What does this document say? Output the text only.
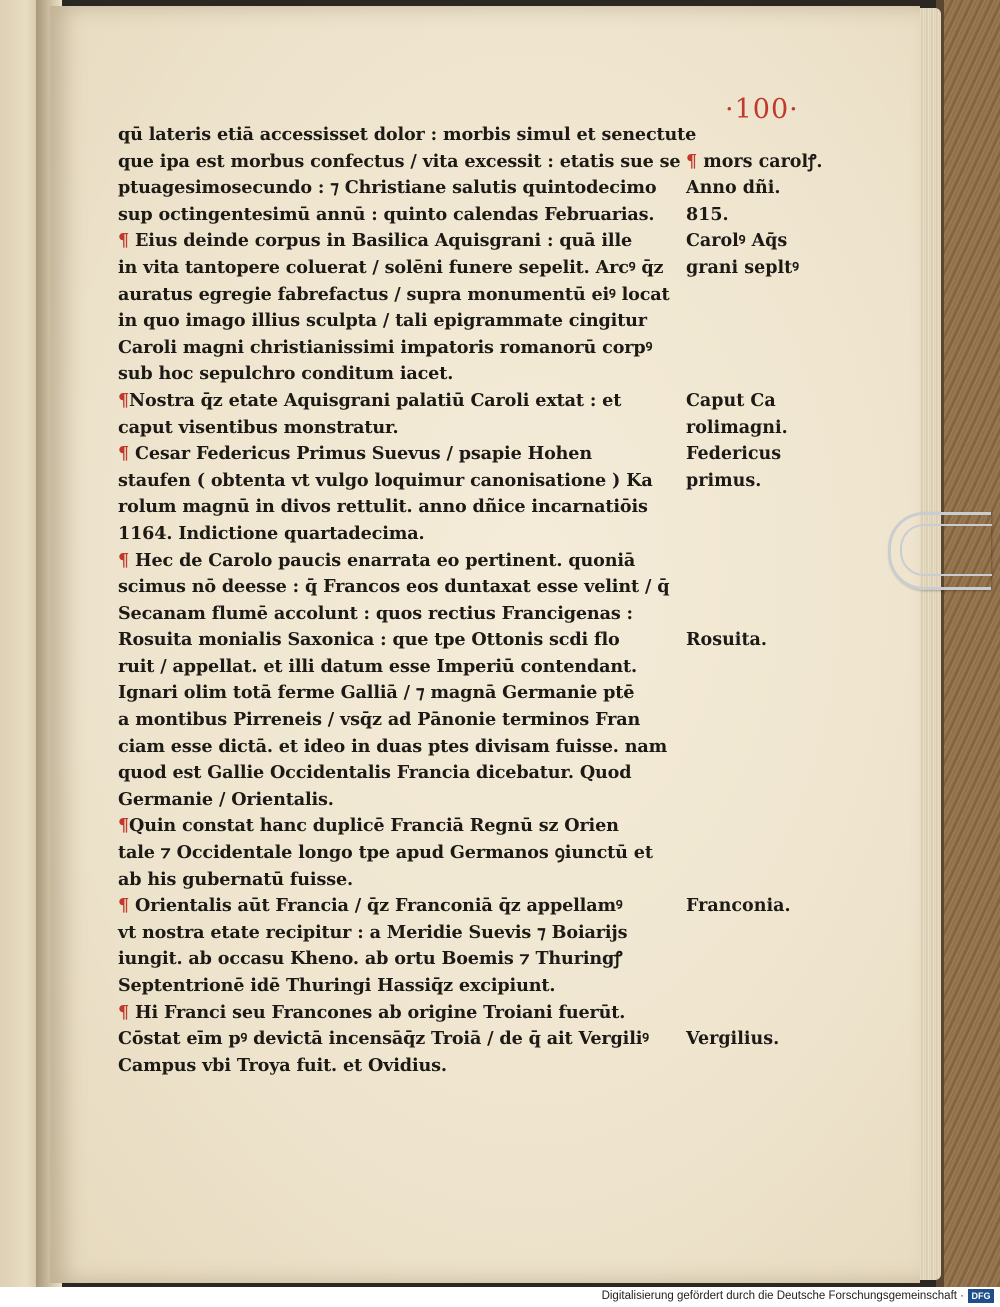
·100·
qū lateris etiā accessisset dolor : morbis simul et senectute
que ipa est morbus confectus / vita excessit : etatis sue se
ptuagesimosecundo : ⁊ Christiane salutis quintodecimo
sup octingentesimū annū : quinto calendas Februarias.
¶ Eius deinde corpus in Basilica Aquisgrani : quā ille
in vita tantopere coluerat / solēni funere sepelit. Arcꝰ q̄z
auratus egregie fabrefactus / supra monumentū eiꝰ locat
in quo imago illius sculpta / tali epigrammate cingitur
Caroli magni christianissimi impatoris romanorū corpꝰ
sub hoc sepulchro conditum iacet.
¶Nostra q̄z etate Aquisgrani palatiū Caroli extat : et
caput visentibus monstratur.
¶ Cesar Federicus Primus Suevus / psapie Hohen
staufen ( obtenta vt vulgo loquimur canonisatione ) Ka
rolum magnū in divos rettulit. anno dñice incarnatiōis
1164. Indictione quartadecima.
¶ Hec de Carolo paucis enarrata eo pertinent. quoniā
scimus nō deesse : q̄ Francos eos duntaxat esse velint / q̄
Secanam flumē accolunt : quos rectius Francigenas :
Rosuita monialis Saxonica : que tpe Ottonis scdi flo
ruit / appellat. et illi datum esse Imperiū contendant.
Ignari olim totā ferme Galliā / ⁊ magnā Germanie ptē
a montibus Pirreneis / vsq̄z ad Pānonie terminos Fran
ciam esse dictā. et ideo in duas ptes divisam fuisse. nam
quod est Gallie Occidentalis Francia dicebatur. Quod
Germanie / Orientalis.
¶Quin constat hanc duplicē Franciā Regnū sz Orien
tale ⁊ Occidentale longo tpe apud Germanos ꝯiunctū et
ab his gubernatū fuisse.
¶ Orientalis aūt Francia / q̄z Franconiā q̄z appellamꝰ
vt nostra etate recipitur : a Meridie Suevis ⁊ Boiarijs
iungit. ab occasu Kheno. ab ortu Boemis ⁊ Thuringꝭ
Septentrionē idē Thuringi Hassiq̄z excipiunt.
¶ Hi Franci seu Francones ab origine Troiani fuerūt.
Cōstat eīm pꝰ devictā incensāq̄z Troiā / de q̄ ait Vergiliꝰ
Campus vbi Troya fuit. et Ovidius.
¶ mors carolꝭ.
Anno dñi.
815.
Carolꝰ Aq̄s
grani sepltꝰ
Caput Ca
rolimagni.
Federicus
primus.
Rosuita.
Franconia.
Vergilius.
Digitalisierung gefördert durch die Deutsche Forschungsgemeinschaft · DFG
